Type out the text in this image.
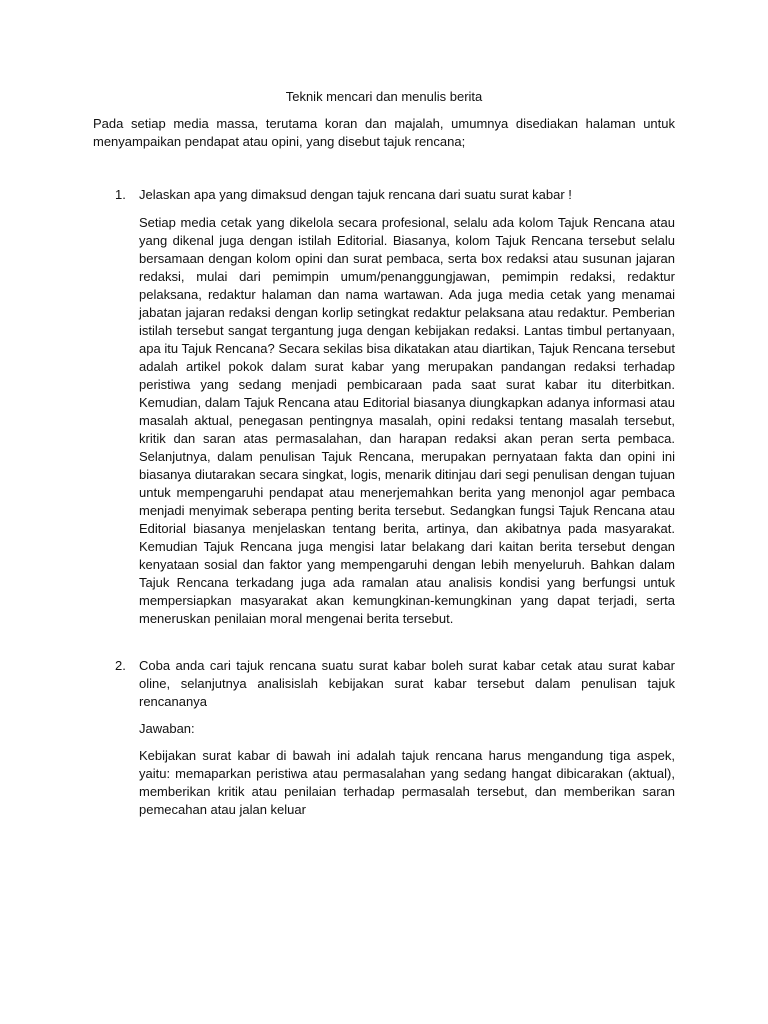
Teknik mencari dan menulis berita

Pada setiap media massa, terutama koran dan majalah, umumnya disediakan halaman untuk menyampaikan pendapat atau opini, yang disebut tajuk rencana;

1.	Jelaskan apa yang dimaksud dengan tajuk rencana dari suatu surat kabar !

Setiap media cetak yang dikelola secara profesional, selalu ada kolom Tajuk Rencana atau yang dikenal juga dengan istilah Editorial. Biasanya, kolom Tajuk Rencana tersebut selalu bersamaan dengan kolom opini dan surat pembaca, serta box redaksi atau susunan jajaran redaksi, mulai dari pemimpin umum/penanggungjawan, pemimpin redaksi, redaktur pelaksana, redaktur halaman dan nama wartawan. Ada juga media cetak yang menamai jabatan jajaran redaksi dengan korlip setingkat redaktur pelaksana atau redaktur. Pemberian istilah tersebut sangat tergantung juga dengan kebijakan redaksi. Lantas timbul pertanyaan, apa itu Tajuk Rencana? Secara sekilas bisa dikatakan atau diartikan, Tajuk Rencana tersebut adalah artikel pokok dalam surat kabar yang merupakan pandangan redaksi terhadap peristiwa yang sedang menjadi pembicaraan pada saat surat kabar itu diterbitkan. Kemudian, dalam Tajuk Rencana atau Editorial biasanya diungkapkan adanya informasi atau masalah aktual, penegasan pentingnya masalah, opini redaksi tentang masalah tersebut, kritik dan saran atas permasalahan, dan harapan redaksi akan peran serta pembaca. Selanjutnya, dalam penulisan Tajuk Rencana, merupakan pernyataan fakta dan opini ini biasanya diutarakan secara singkat, logis, menarik ditinjau dari segi penulisan dengan tujuan untuk mempengaruhi pendapat atau menerjemahkan berita yang menonjol agar pembaca menjadi menyimak seberapa penting berita tersebut. Sedangkan fungsi Tajuk Rencana atau Editorial biasanya menjelaskan tentang berita, artinya, dan akibatnya pada masyarakat. Kemudian Tajuk Rencana juga mengisi latar belakang dari kaitan berita tersebut dengan kenyataan sosial dan faktor yang mempengaruhi dengan lebih menyeluruh. Bahkan dalam Tajuk Rencana terkadang juga ada ramalan atau analisis kondisi yang berfungsi untuk mempersiapkan masyarakat akan kemungkinan-kemungkinan yang dapat terjadi, serta meneruskan penilaian moral mengenai berita tersebut.

2.	Coba anda cari tajuk rencana suatu surat kabar boleh surat kabar cetak atau surat kabar oline, selanjutnya analisislah kebijakan surat kabar tersebut dalam penulisan tajuk rencananya

Jawaban:

Kebijakan surat kabar di bawah ini adalah tajuk rencana harus mengandung tiga aspek, yaitu: memaparkan peristiwa atau permasalahan yang sedang hangat dibicarakan (aktual), memberikan kritik atau penilaian terhadap permasalah tersebut, dan memberikan saran pemecahan atau jalan keluar
